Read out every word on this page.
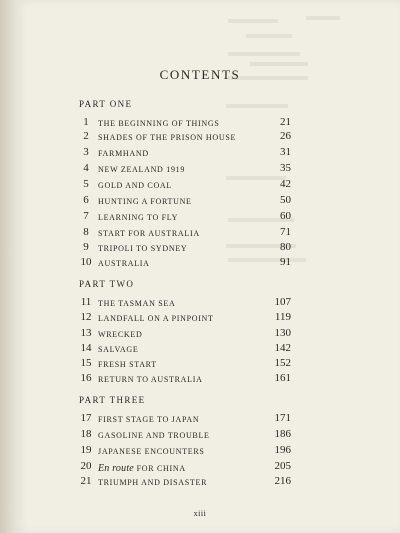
CONTENTS
PART ONE
1	THE BEGINNING OF THINGS	21
2	SHADES OF THE PRISON HOUSE	26
3	FARMHAND	31
4	NEW ZEALAND 1919	35
5	GOLD AND COAL	42
6	HUNTING A FORTUNE	50
7	LEARNING TO FLY	60
8	START FOR AUSTRALIA	71
9	TRIPOLI TO SYDNEY	80
10 AUSTRALIA	91
PART TWO
11 THE TASMAN SEA	107
12 LANDFALL ON A PINPOINT	119
13 WRECKED	130
14 SALVAGE	142
15 FRESH START	152
16 RETURN TO AUSTRALIA	161
PART THREE
17 FIRST STAGE TO JAPAN	171
18 GASOLINE AND TROUBLE	186
19 JAPANESE ENCOUNTERS	196
20 En route FOR CHINA	205
21 TRIUMPH AND DISASTER	216
xiii
